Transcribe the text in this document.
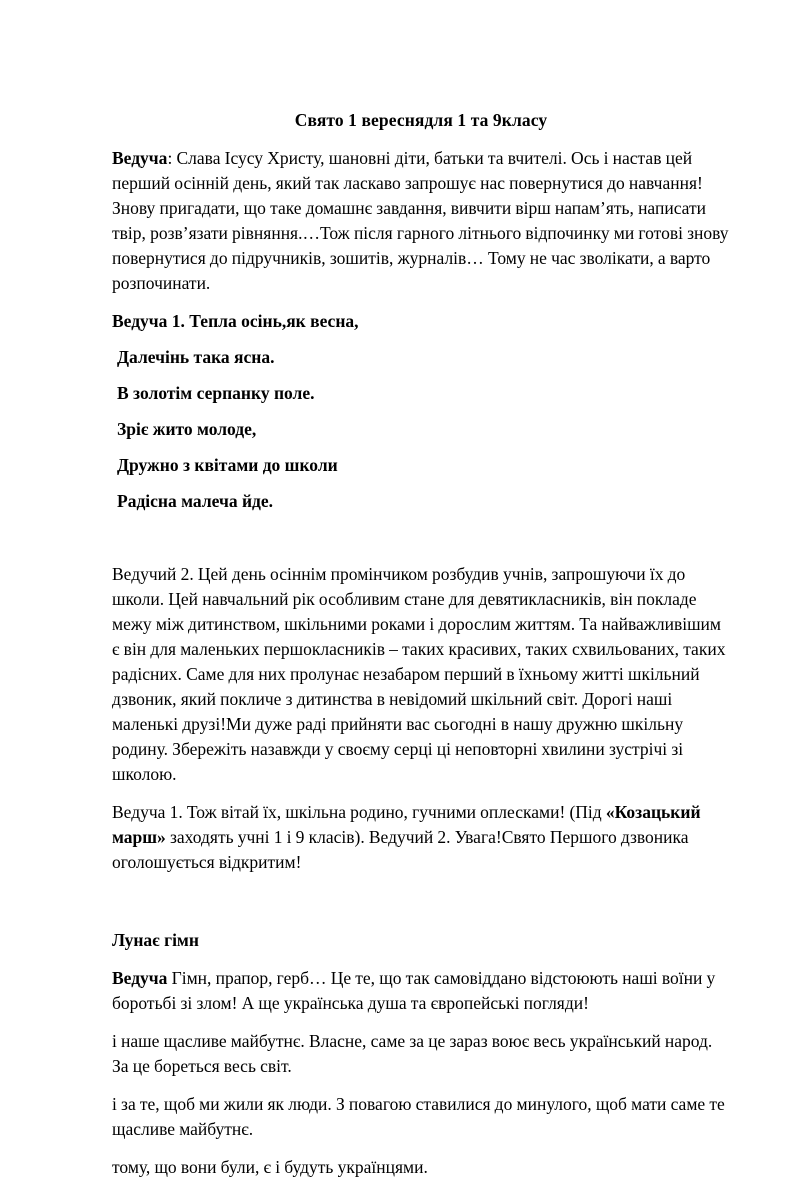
Свято 1 вереснядля 1 та 9класу

Ведуча: Слава Ісусу Христу, шановні діти, батьки та вчителі. Ось і настав цей перший осінній день, який так ласкаво запрошує нас повернутися до навчання! Знову пригадати, що таке домашнє завдання, вивчити вірш напам’ять, написати твір, розв’язати рівняння.…Тож після гарного літнього відпочинку ми готові знову повернутися до підручників, зошитів, журналів… Тому не час зволікати, а варто розпочинати.

Ведуча 1. Тепла осінь,як весна,

Далечінь така ясна.

В золотім серпанку поле.

Зріє жито молоде,

Дружно з квітами до школи

Радісна малеча йде.

Ведучий 2. Цей день осіннім промінчиком розбудив учнів, запрошуючи їх до школи. Цей навчальний рік особливим стане для девятикласників, він покладе межу між дитинством, шкільними роками і дорослим життям. Та найважливішим є він для маленьких першокласників – таких красивих, таких схвильованих, таких радісних. Саме для них пролунає незабаром перший в їхньому житті шкільний дзвоник, який покличе з дитинства в невідомий шкільний світ. Дорогі наші маленькі друзі!Ми дуже раді прийняти вас сьогодні в нашу дружню шкільну родину. Збережіть назавжди у своєму серці ці неповторні хвилини зустрічі зі школою.

Ведуча 1. Тож вітай їх, шкільна родино, гучними оплесками! (Під «Козацький марш» заходять учні 1 і 9 класів). Ведучий 2. Увага!Свято Першого дзвоника оголошується відкритим!

Лунає гімн

Ведуча Гімн, прапор, герб… Це те, що так самовіддано відстоюють наші воїни у боротьбі зі злом! А ще українська душа та європейські погляди!

і наше щасливе майбутнє. Власне, саме за це зараз воює весь український народ. За це бореться весь світ.

і за те, щоб ми жили як люди. З повагою ставилися до минулого, щоб мати саме те щасливе майбутнє.

тому, що вони були, є і будуть українцями.
